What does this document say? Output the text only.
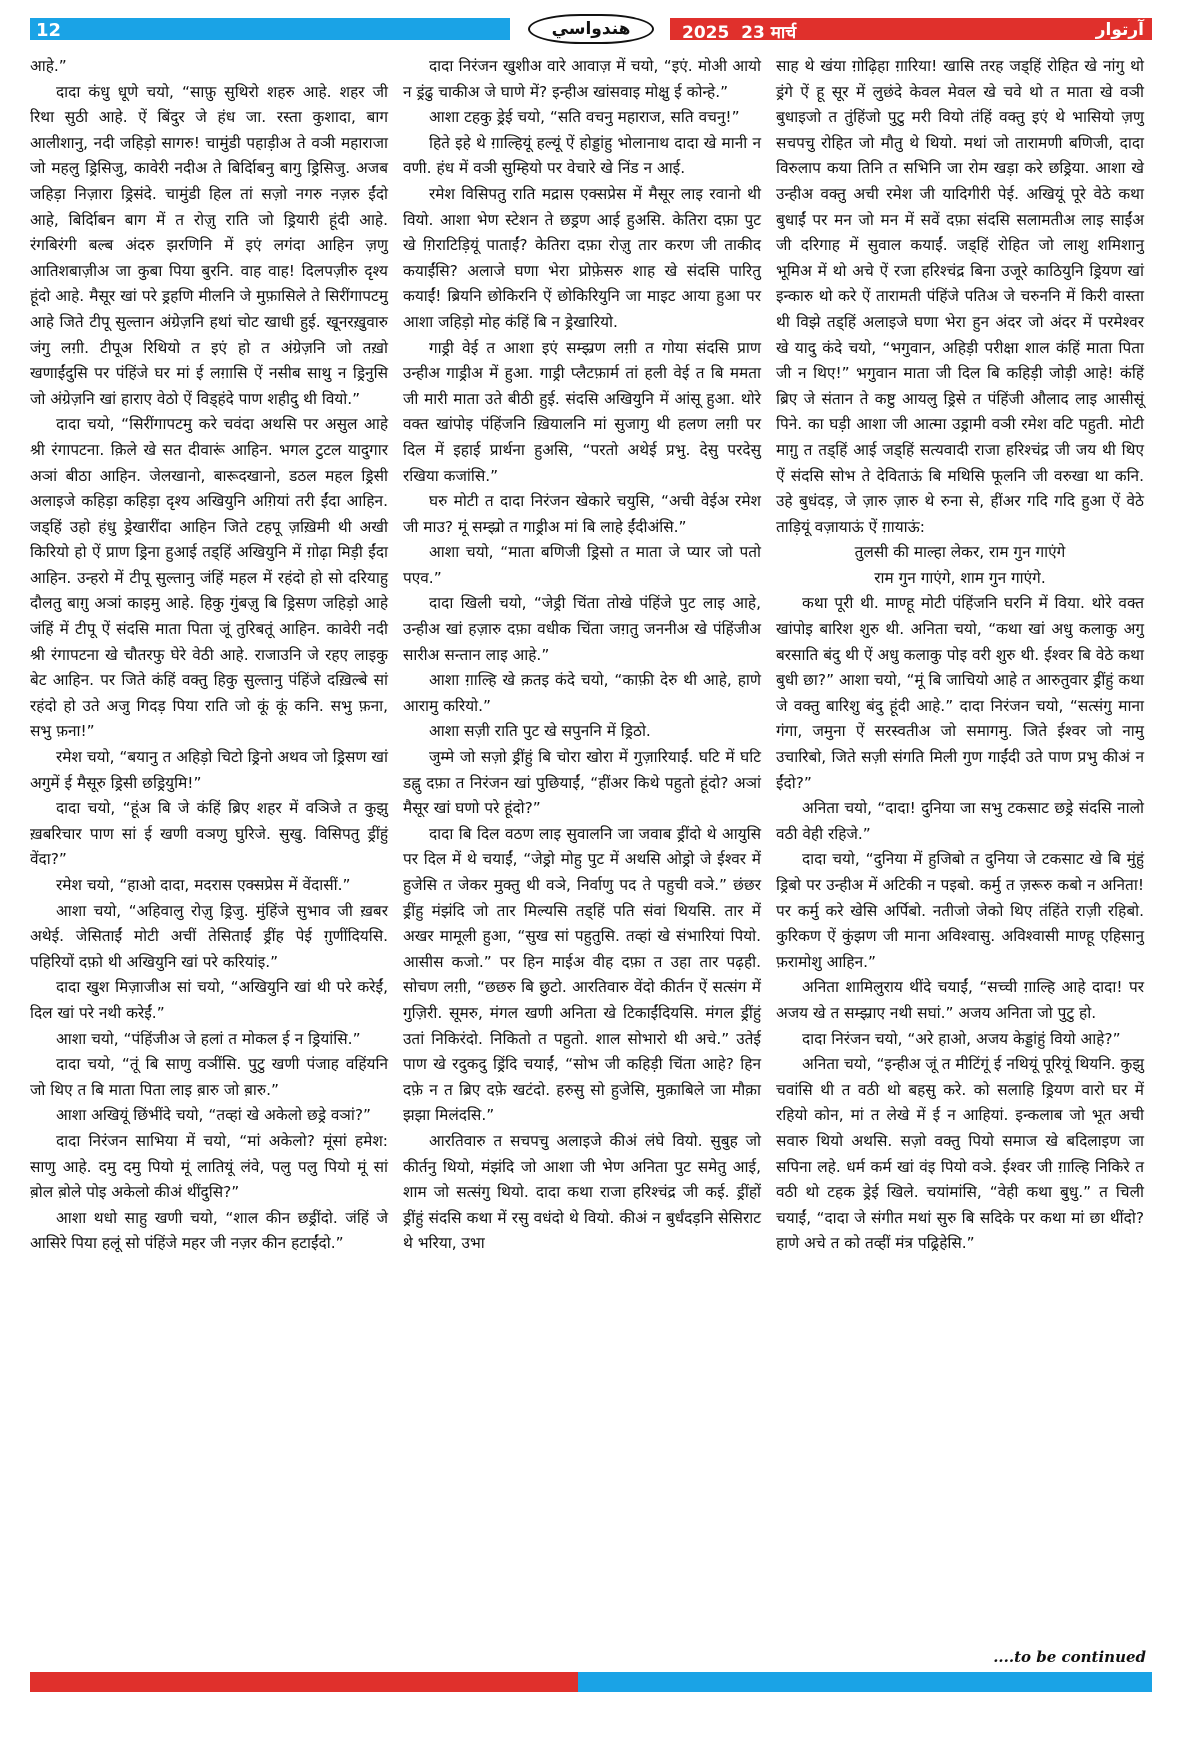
12	هندواسي	2025 23 मार्च	آرتوار

आहे.”

दादा कंधु धूणे चयो, “साफ़ु सुथिरो शहरु आहे. शहर जी रिथा सुठी आहे. ऐं बिंदुर जे हंध जा. रस्ता कुशादा, बाग आलीशानु, नदी जहिड़ो सागरु! चामुंडी पहाड़ीअ ते वञी महाराजा जो महलु ड्रिसिजु, कावेरी नदीअ ते बिर्दिाबनु बागु ड्रिसिजु. अजब जहिड़ा निज़ारा ड्रिसंदे. चामुंडी हिल तां सज़ो नगरु नज़रु ईंदो आहे, बिर्दिाबन बाग में त रोज़ु राति जो ड्रियारी हूंदी आहे. रंगबिरंगी बल्ब अंदरु झरणिनि में इएं लगंदा आहिन ज़णु आतिशबाज़ीअ जा कुबा पिया बुरनि. वाह वाह! दिलपज़ीरु दृश्य हूंदो आहे. मैसूर खां परे ड्रहणि मीलनि जे मुफ़ासिले ते सिरींगापटमु आहे जिते टीपू सुल्तान अंग्रेज़नि हथां चोट खाधी हुई. खूनरख़ुवारु जंगु लग़ी. टीपूअ रिथियो त इएं हो त अंग्रेज़नि जो तख़ो खणाईंदुसि पर पंहिंजे घर मां ई लग़ासि ऐं नसीब साथु न ड्रिनुसि जो अंग्रेज़नि खां हाराए वेठो ऐं विड्हंदे पाण शहीदु थी वियो.”

दादा चयो, “सिरींगापटमु करे चवंदा अथसि पर असुल आहे श्री रंगापटना. क़िले खे सत दीवारूं आहिन. भगल टुटल यादुगार अञां बीठा आहिन. जेलखानो, बारूदखानो, डठल महल ड्रिसी अलाइजे कहिड़ा कहिड़ा दृश्य अखियुनि अग़ियां तरी ईंदा आहिन. जड्हिं उहो हंधु ड्रेखारींदा आहिन जिते टहपू ज़ख़िमी थी अखी किरियो हो ऐं प्राण ड्रिना हुआई तड्हिं अखियुनि में ग़ोढ़ा मिड़ी ईंदा आहिन. उन्हराे में टीपू सुल्तानु जंहिं महल में रहंदो हो सो दरियाहु दौलतु बाग़ु अञां काइमु आहे. हिकु गुंबज़ु बि ड्रिसण जहिड़ो आहे जंहिं में टीपू ऐं संदसि माता पिता जूं तुरिबतूं आहिन. कावेरी नदी श्री रंगापटना खे चौतरफु घेरे वेठी आहे. राजाउनि जे रहए लाइकु बेट आहिन. पर जिते कंहिं वक्तु हिकु सुल्तानु पंहिंजे दख़िल्बे सां रहंदो हो उते अजु गिदड़ पिया राति जो कूं कूं कनि. सभु फ़ना, सभु फ़ना!”

रमेश चयो, “बयानु त अहिड़ो चिटो ड्रिनो अथव जो ड्रिसण खां अगुमें ई मैसूरु ड्रिसी छड्रियुमि!”

दादा चयो, “हूंअ बि जे कंहिं ब्रिए शहर में वञिजे त कुझु ख़बरिचार पाण सां ई खणी वञणु घुरिजे. सुखु. विसिपतु ड्रींहुं वेंदा?”

रमेश चयो, “हाओ दादा, मदरास एक्सप्रेस में वेंदासीं.”

आशा चयो, “अहिवालु रोज़ु ड्रिजु. मुंहिंजे सुभाव जी ख़बर अथेई. जेसिताईं मोटी अचीं तेसिताईं ड्रींह पेई ग़ुणींदियसि. पहिरियों दफ़ो थी अखियुनि खां परे करियांइ.”

दादा खुश मिज़ाजीअ सां चयो, “अखियुनि खां थी परे करेईं, दिल खां परे नथी करेईं.”

आशा चयो, “पंहिंजीअ जे हलां त मोकल ई न ड्रियांसि.”

दादा चयो, “तूं बि साणु वञींसि. पुटु खणी पंजाह वहिंयनि जो थिए त बि माता पिता लाइ ब़ारु जो ब़ारु.”

आशा अखियूं छिंभींदे चयो, “तव्हां खे अकेलो छड्रे वञां?”

दादा निरंजन साभिया में चयो, “मां अकेलो? मूंसां हमेश: साणु आहे. दमु दमु पियो मूं लातियूं लंवे, पलु पलु पियो मूं सां ब़ोल ब़ोले पोइ अकेलो कीअं थींदुसि?”

आशा थधो साहु खणी चयो, “शाल कीन छड्रींदो. जंहिं जे आसिरे पिया हलूं सो पंहिंजे महर जी नज़र कीन हटाईंदो.”

दादा निरंजन खुशीअ वारे आवाज़ में चयो, “इएं. मोअी आयो न ड्रंढु चाकीअ जे घाणे में? इन्हीअ खांसवाइ मोक्षु ई कोन्हे.”

आशा टहकु ड्रेई चयो, “सति वचनु महाराज, सति वचनु!”

हिते इहे थे ग़ाल्हियूं हल्यूं ऐं होड्डांहु भोलानाथ दादा खे मानी न वणी. हंध में वञी सुम्हियो पर वेचारे खे निंड न आई.

रमेश विसिपतु राति मद्रास एक्सप्रेस में मैसूर लाइ रवानो थी वियो. आशा भेण स्टेशन ते छड्रण आई हुअसि. केतिरा दफ़ा पुट खे ग़िराटिड़ियूं पाताईं? केतिरा दफ़ा रोज़ु तार करण जी ताकीद कयाईंसि? अलाजे घणा भेरा प्रोफ़ेसरु शाह खे संदसि पारितु कयाईं! ब्रियनि छोकिरनि ऐं छोकिरियुनि जा माइट आया हुआ पर आशा जहिड़ो मोह कंहिं बि न ड्रेखारियो.

गाड्री वेई त आशा इएं सम्झ्रण लग़ी त गोया संदसि प्राण उन्हीअ गाड्रीअ में हुआ. गाड्री प्लैटफ़ार्म तां हली वेई त बि ममता जी मारी माता उते बीठी हुई. संदसि अखियुनि में आंसू हुआ. थोरे वक्त खांपोइ पंहिंजनि ख़ियालनि मां सुजागु थी हलण लग़ी पर दिल में इहाई प्रार्थना हुअसि, “परतो अथेई प्रभु. देसु परदेसु रखिया कजांसि.”

घरु मोटी त दादा निरंजन खेकारे चयुसि, “अची वेईअ रमेश जी माउ? मूं सम्झ्रो त गाड्रीअ मां बि लाहे ईंदीअंसि.”

आशा चयो, “माता बणिजी ड्रिसो त माता जे प्यार जो पतो पएव.”

दादा खिली चयो, “जेड्री चिंता तोखे पंहिंजे पुट लाइ आहे, उन्हीअ खां हज़ारु दफ़ा वधीक चिंता जग़तु जननीअ खे पंहिंजीअ सारीअ सन्तान लाइ आहे.”

आशा ग़ाल्हि खे क़तइ कंदे चयो, “काफ़ी देरु थी आहे, हाणे आरामु करियो.”

आशा सज़ी राति पुट खे सपुननि में ड्रिठो.

जुम्मे जो सज़ो ड्रींहुं बि चोरा खोरा में गुज़ारियाईं. घटि में घटि डह्नु दफ़ा त निरंजन खां पुछियाईं, “हींअर किथे पहुतो हूंदो? अञां मैसूर खां घणो परे हूंदो?”

दादा बि दिल वठण लाइ सुवालनि जा जवाब ड्रींदो थे आयुसि पर दिल में थे चयाईं, “जेड्रो मोहु पुट में अथसि ओड्रो जे ईश्वर में हुजेसि त जेकर मुक्तु थी वञे, निर्वाणु पद ते पहुची वञे.” छंछर ड्रींहु मंझंदि जो तार मिल्यसि तड्हिं पति संवां थियसि. तार में अखर मामूली हुआ, “सुख सां पहुतुसि. तव्हां खे संभारियां पियो. आसीस कजो.” पर हिन माईअ वीह दफ़ा त उहा तार पढ़ही. सोचण लग़ी, “छछरु बि छुटो. आरतिवारु वेंदो कीर्तन ऐं सत्संग में गुज़िरी. सूमरु, मंगल खणी अनिता खे टिकाईंदियसि. मंगल ड्रींहुं उतां निकिरंदो. निकितो त पहुतो. शाल सोभारो थी अचे.” उतेई पाण खे रदुकदु ड्रिंदि चयाईं, “सोभ जी कहिड़ी चिंता आहे? हिन दफ़े न त ब्रिए दफ़े खटंदो. हरुसु सो हुजेसि, मुक़ाबिले जा मौक़ा झझा मिलंदसि.”

आरतिवारु त सचपचु अलाइजे कीअं लंघे वियो. सुबुह जो कीर्तनु थियो, मंझंदि जो आशा जी भेण अनिता पुट समेतु आई, शाम जो सत्संगु थियो. दादा कथा राजा हरिश्चंद्र जी कई. ड्रींहों ड्रींहुं संदसि कथा में रसु वधंदो थे वियो. कीअं न बुर्धंदड़नि सेसिराट थे भरिया, उभा

साह थे खंया ग़ोढ़िहा ग़ारिया! खासि तरह जड्हिं रोहित खे नांगु थो ड्रंगे ऐं हू सूर में लुछंदे केवल मेवल खे चवे थो त माता खे वञी बुधाइजो त तुंहिंजो पुटु मरी वियो तंहिं वक्तु इएं थे भासियो ज़णु सचपचु रोहित जो मौतु थे थियो. मथां जो तारामणी बणिजी, दादा विरुलाप कया तिनि त सभिनि जा रोम खड़ा करे छड्रिया. आशा खे उन्हीअ वक्तु अची रमेश जी यादिगीरी पेई. अखियूं पूरे वेठे कथा बुधाईं पर मन जो मन में सवें दफ़ा संदसि सलामतीअ लाइ साईंअ जी दरिगाह में सुवाल कयाईं. जड्हिं रोहित जो लाशु शमिशानु भूमिअ में थो अचे ऐं रजा हरिश्चंद्र बिना उजूरे काठियुनि ड्रियण खां इन्कारु थो करे ऐं तारामती पंहिंजे पतिअ जे चरुननि में किरी वास्ता थी विझे तड्हिं अलाइजे घणा भेरा हुन अंदर जो अंदर में परमेश्वर खे यादु कंदे चयो, “भगुवान, अहिड़ी परीक्षा शाल कंहिं माता पिता जी न थिए!” भगुवान माता जी दिल बि कहिड़ी जोड़ी आहे! कंहिं ब्रिए जे संतान ते कष्टु आयलु ड्रिसे त पंहिंजी औलाद लाइ आसीसूं पिने. का घड़ी आशा जी आत्मा उड्रामी वञी रमेश वटि पहुती. मोटी मागु़ त तड्हिं आई जड्हिं सत्यवादी राजा हरिश्चंद्र जी जय थी थिए ऐं संदसि सोभ ते देविताऊं बि मथिसि फूलनि जी वरुखा था कनि. उहे बुधंदड़, जे ज़ारु ज़ारु थे रुना से, हींअर गदि गदि हुआ ऐं वेठे ताड़ियूं वज़ायाऊं ऐं ग़ायाऊं:

तुलसी की माल्हा लेकर, राम गुन गाएंगे

राम गुन गाएंगे, शाम गुन गाएंगे.

कथा पूरी थी. माण्हू मोटी पंहिंजनि घरनि में विया. थोरे वक्त खांपोइ बारिश शुरु थी. अनिता चयो, “कथा खां अधु कलाकु अगु बरसाति बंदु थी ऐं अधु कलाकु पोइ वरी शुरु थी. ईश्वर बि वेठे कथा बुधी छा?” आशा चयो, “मूं बि जाचियो आहे त आरुतुवार ड्रींहुं कथा जे वक्तु बारिशु बंदु हूंदी आहे.” दादा निरंजन चयो, “सत्संगु माना गंगा, जमुना ऐं सरस्वतीअ जो समागमु. जिते ईश्वर जो नामु उचारिबो, जिते सज़ी संगति मिली गुण गाईंदी उते पाण प्रभु कीअं न ईंदो?”

अनिता चयो, “दादा! दुनिया जा सभु टकसाट छड्रे संदसि नालो वठी वेही रहिजे.”

दादा चयो, “दुनिया में हुजिबो त दुनिया जे टकसाट खे बि मुंहुं ड्रिबो पर उन्हीअ में अटिकी न पइबो. कर्मु त ज़रूरु कबो न अनिता! पर कर्मु करे खेसि अर्पिबो. नतीजो जेको थिए तंहिंते राज़ी रहिबो. कुरिकण ऐं कुंझण जी माना अविश्वासु. अविश्वासी माण्हू एहिसानु फ़रामोशु आहिन.”

अनिता शामिलुराय थींदे चयाईं, “सच्ची ग़ाल्हि आहे दादा! पर अजय खे त सम्झ्राए नथी सघां.” अजय अनिता जो पुटु हो.

दादा निरंजन चयो, “अरे हाओ, अजय केड्डांहुं वियो आहे?”

अनिता चयो, “इन्हीअ जूं त मीटिंगूं ई नथियूं पूरियूं थियनि. कुझु चवांसि थी त वठी थो बहसु करे. को सलाहि ड्रियण वारो घर में रहियो कोन, मां त लेखे में ई न आहियां. इन्कलाब जो भूत अची सवारु थियो अथसि. सज़ो वक्तु पियो समाज खे बदिलाइण जा सपिना लहे. धर्म कर्म खां वंइ पियो वञे. ईश्वर जी ग़ाल्हि निकिरे त वठी थो टहक ड्रेई खिले. चयांमांसि, “वेही कथा बुधु.” त चिली चयाईं, “दादा जे संगीत मथां सुरु बि सदिके पर कथा मां छा थींदो? हाणे अचे त को तव्हीं मंत्र पढ्रिहेसि.”

....to be continued
